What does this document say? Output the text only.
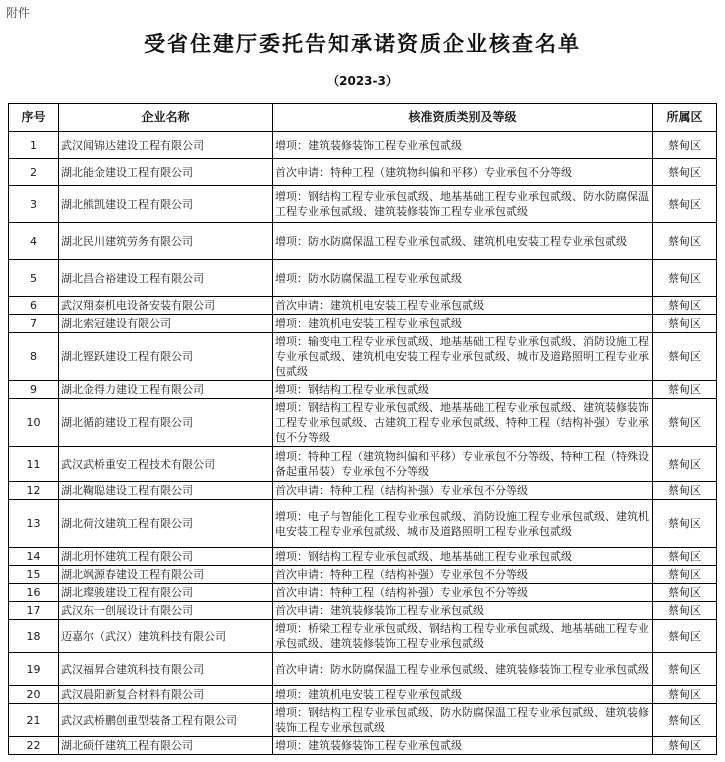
附件
受省住建厅委托告知承诺资质企业核查名单
（2023-3）
序号	企业名称	核准资质类别及等级	所属区
1	武汉闻锦达建设工程有限公司	增项：建筑装修装饰工程专业承包贰级	蔡甸区
2	湖北能金建设工程有限公司	首次申请：特种工程（建筑物纠偏和平移）专业承包不分等级	蔡甸区
3	湖北熊凯建设工程有限公司	增项：钢结构工程专业承包贰级、地基基础工程专业承包贰级、防水防腐保温工程专业承包贰级、建筑装修装饰工程专业承包贰级	蔡甸区
4	湖北民川建筑劳务有限公司	增项：防水防腐保温工程专业承包贰级、建筑机电安装工程专业承包贰级	蔡甸区
5	湖北昌合裕建设工程有限公司	增项：防水防腐保温工程专业承包贰级	蔡甸区
6	武汉翔泰机电设备安装有限公司	首次申请：建筑机电安装工程专业承包贰级	蔡甸区
7	湖北索冠建设有限公司	增项：建筑机电安装工程专业承包贰级	蔡甸区
8	湖北铿跃建设工程有限公司	增项：输变电工程专业承包贰级、地基基础工程专业承包贰级、消防设施工程专业承包贰级、建筑机电安装工程专业承包贰级、城市及道路照明工程专业承包贰级	蔡甸区
9	湖北金得力建设工程有限公司	增项：钢结构工程专业承包贰级	蔡甸区
10	湖北循韵建设工程有限公司	增项：钢结构工程专业承包贰级、地基基础工程专业承包贰级、建筑装修装饰工程专业承包贰级、古建筑工程专业承包贰级、特种工程（结构补强）专业承包不分等级	蔡甸区
11	武汉武桥重安工程技术有限公司	增项：特种工程（建筑物纠偏和平移）专业承包不分等级、特种工程（特殊设备起重吊装）专业承包不分等级	蔡甸区
12	湖北鞠聪建设工程有限公司	首次申请：特种工程（结构补强）专业承包不分等级	蔡甸区
13	湖北荷汶建筑工程有限公司	增项：电子与智能化工程专业承包贰级、消防设施工程专业承包贰级、建筑机电安装工程专业承包贰级、城市及道路照明工程专业承包贰级	蔡甸区
14	湖北玥怀建筑工程有限公司	增项：钢结构工程专业承包贰级、地基基础工程专业承包贰级	蔡甸区
15	湖北飒源春建设工程有限公司	首次申请：特种工程（结构补强）专业承包不分等级	蔡甸区
16	湖北璨骏建设工程有限公司	首次申请：特种工程（结构补强）专业承包不分等级	蔡甸区
17	武汉东一创展设计有限公司	首次申请：建筑装修装饰工程专业承包贰级	蔡甸区
18	迈嘉尔（武汉）建筑科技有限公司	增项：桥梁工程专业承包贰级、钢结构工程专业承包贰级、地基基础工程专业承包贰级、建筑装修装饰工程专业承包贰级	蔡甸区
19	武汉福昇合建筑科技有限公司	首次申请：防水防腐保温工程专业承包贰级、建筑装修装饰工程专业承包贰级	蔡甸区
20	武汉晨阳新复合材料有限公司	增项：建筑机电安装工程专业承包贰级	蔡甸区
21	武汉武桥鹏创重型装备工程有限公司	增项：钢结构工程专业承包贰级、防水防腐保温工程专业承包贰级、建筑装修装饰工程专业承包贰级	蔡甸区
22	湖北硕仟建筑工程有限公司	增项：建筑装修装饰工程专业承包贰级	蔡甸区
